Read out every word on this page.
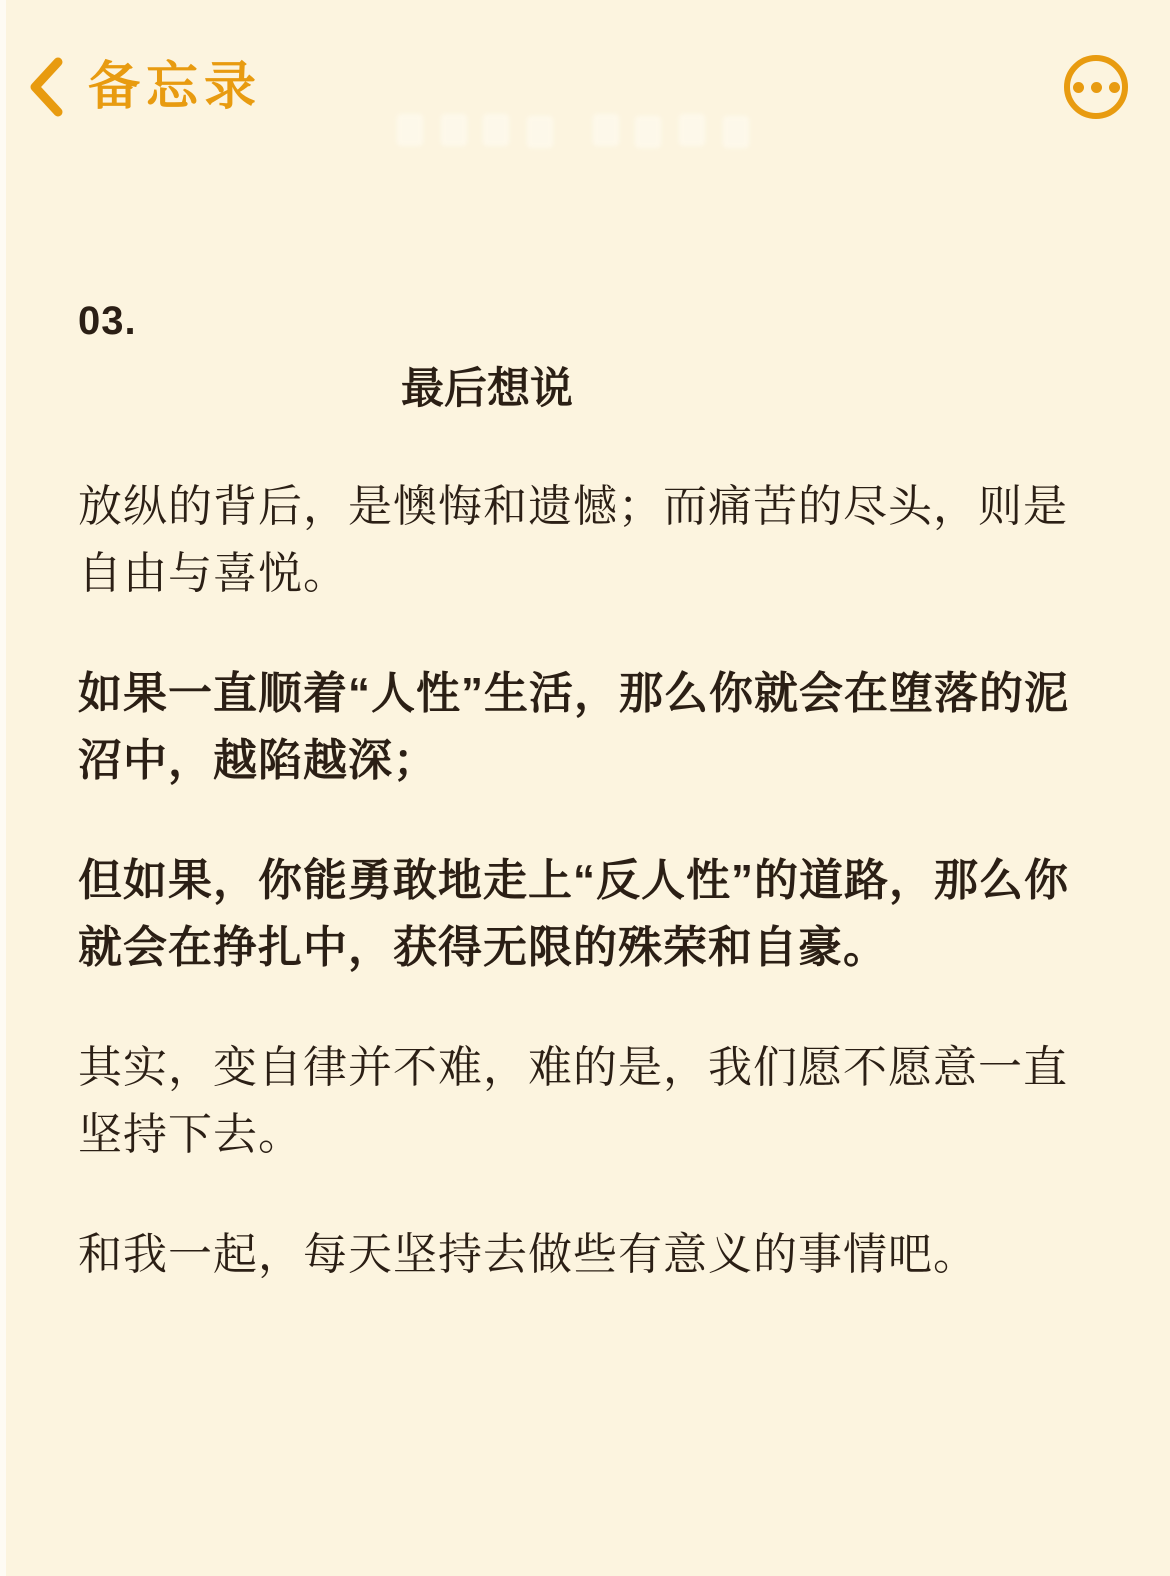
备忘录
03.
最后想说

放纵的背后，是懊悔和遗憾；而痛苦的尽头，则是自由与喜悦。

如果一直顺着“人性”生活，那么你就会在堕落的泥沼中，越陷越深；

但如果，你能勇敢地走上“反人性”的道路，那么你就会在挣扎中，获得无限的殊荣和自豪。

其实，变自律并不难，难的是，我们愿不愿意一直坚持下去。

和我一起，每天坚持去做些有意义的事情吧。
